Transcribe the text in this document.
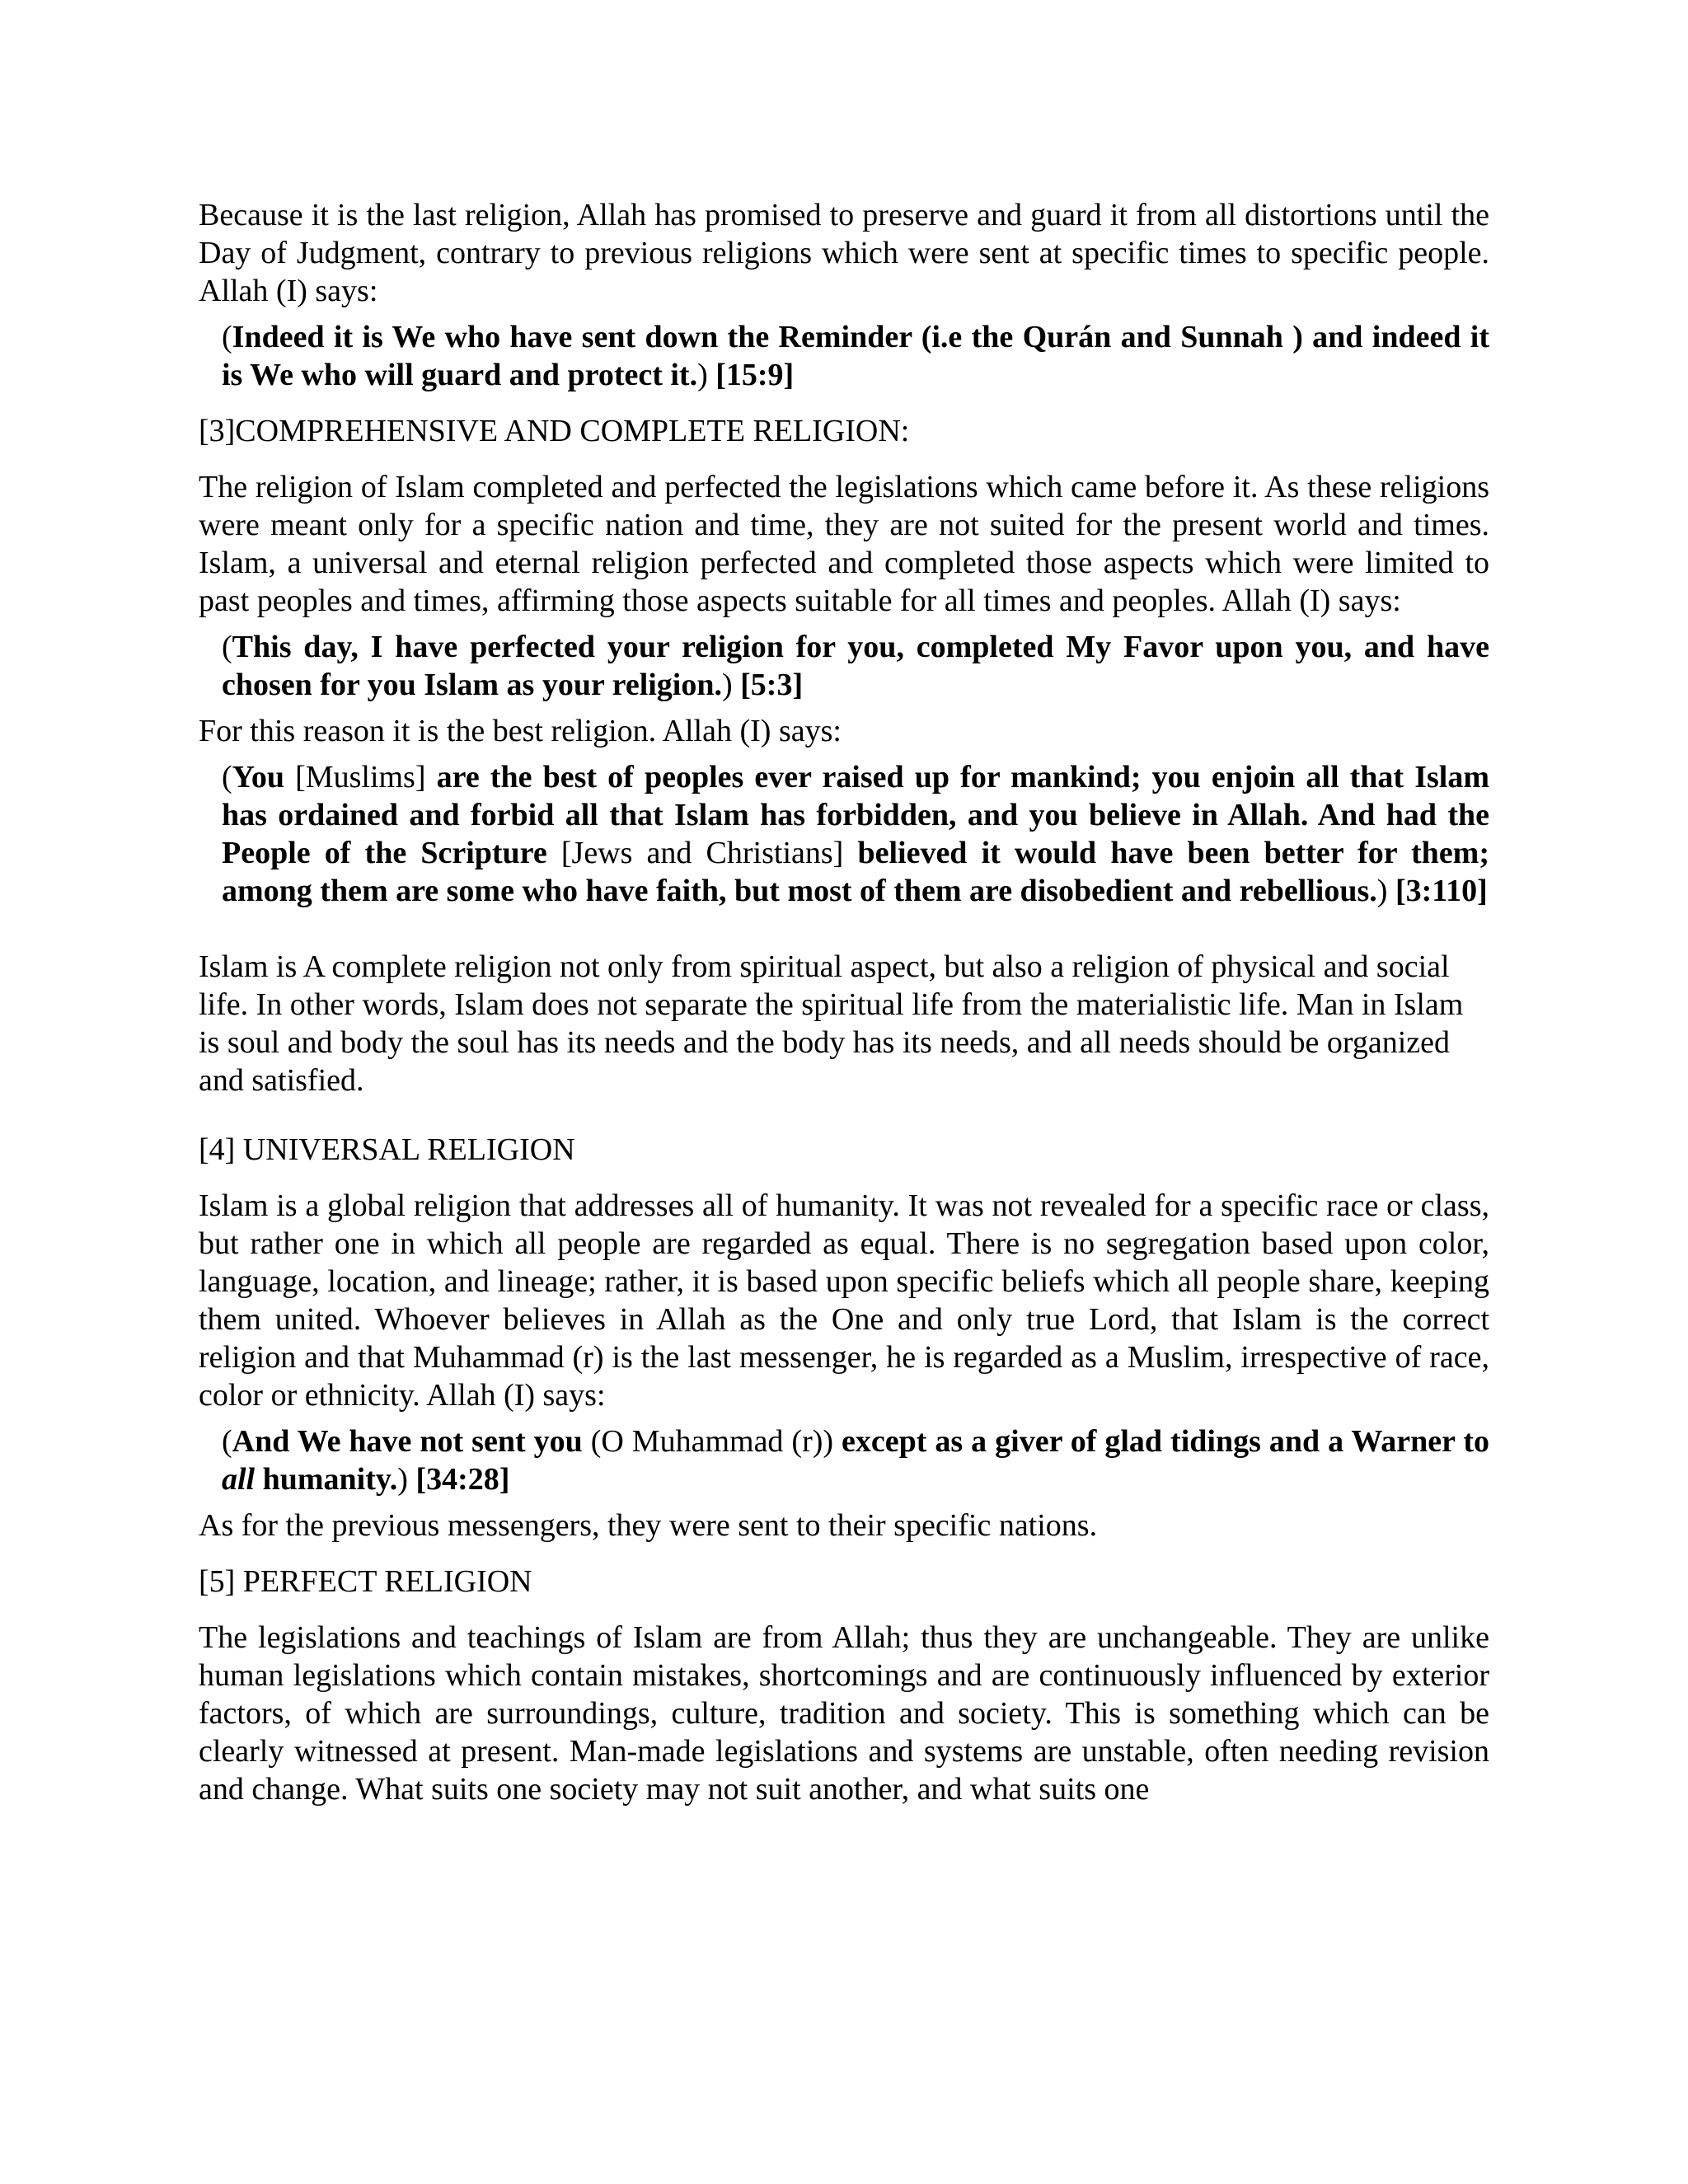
Because it is the last religion, Allah has promised to preserve and guard it from all distortions until the Day of Judgment, contrary to previous religions which were sent at specific times to specific people. Allah (I) says:

(Indeed it is We who have sent down the Reminder (i.e the Qurán and Sunnah ) and indeed it is We who will guard and protect it.) [15:9]

[3]COMPREHENSIVE AND COMPLETE RELIGION:

The religion of Islam completed and perfected the legislations which came before it. As these religions were meant only for a specific nation and time, they are not suited for the present world and times. Islam, a universal and eternal religion perfected and completed those aspects which were limited to past peoples and times, affirming those aspects suitable for all times and peoples. Allah (I) says:

(This day, I have perfected your religion for you, completed My Favor upon you, and have chosen for you Islam as your religion.) [5:3]

For this reason it is the best religion. Allah (I) says:

(You [Muslims] are the best of peoples ever raised up for mankind; you enjoin all that Islam has ordained and forbid all that Islam has forbidden, and you believe in Allah. And had the People of the Scripture [Jews and Christians] believed it would have been better for them; among them are some who have faith, but most of them are disobedient and rebellious.) [3:110]

Islam is A complete religion not only from spiritual aspect, but also a religion of physical and social life. In other words, Islam does not separate the spiritual life from the materialistic life. Man in Islam is soul and body the soul has its needs and the body has its needs, and all needs should be organized and satisfied.

[4] UNIVERSAL RELIGION

Islam is a global religion that addresses all of humanity. It was not revealed for a specific race or class, but rather one in which all people are regarded as equal. There is no segregation based upon color, language, location, and lineage; rather, it is based upon specific beliefs which all people share, keeping them united. Whoever believes in Allah as the One and only true Lord, that Islam is the correct religion and that Muhammad (r) is the last messenger, he is regarded as a Muslim, irrespective of race, color or ethnicity. Allah (I) says:

(And We have not sent you (O Muhammad (r)) except as a giver of glad tidings and a Warner to all humanity.) [34:28]

As for the previous messengers, they were sent to their specific nations.

[5] PERFECT RELIGION

The legislations and teachings of Islam are from Allah; thus they are unchangeable. They are unlike human legislations which contain mistakes, shortcomings and are continuously influenced by exterior factors, of which are surroundings, culture, tradition and society. This is something which can be clearly witnessed at present. Man-made legislations and systems are unstable, often needing revision and change. What suits one society may not suit another, and what suits one
